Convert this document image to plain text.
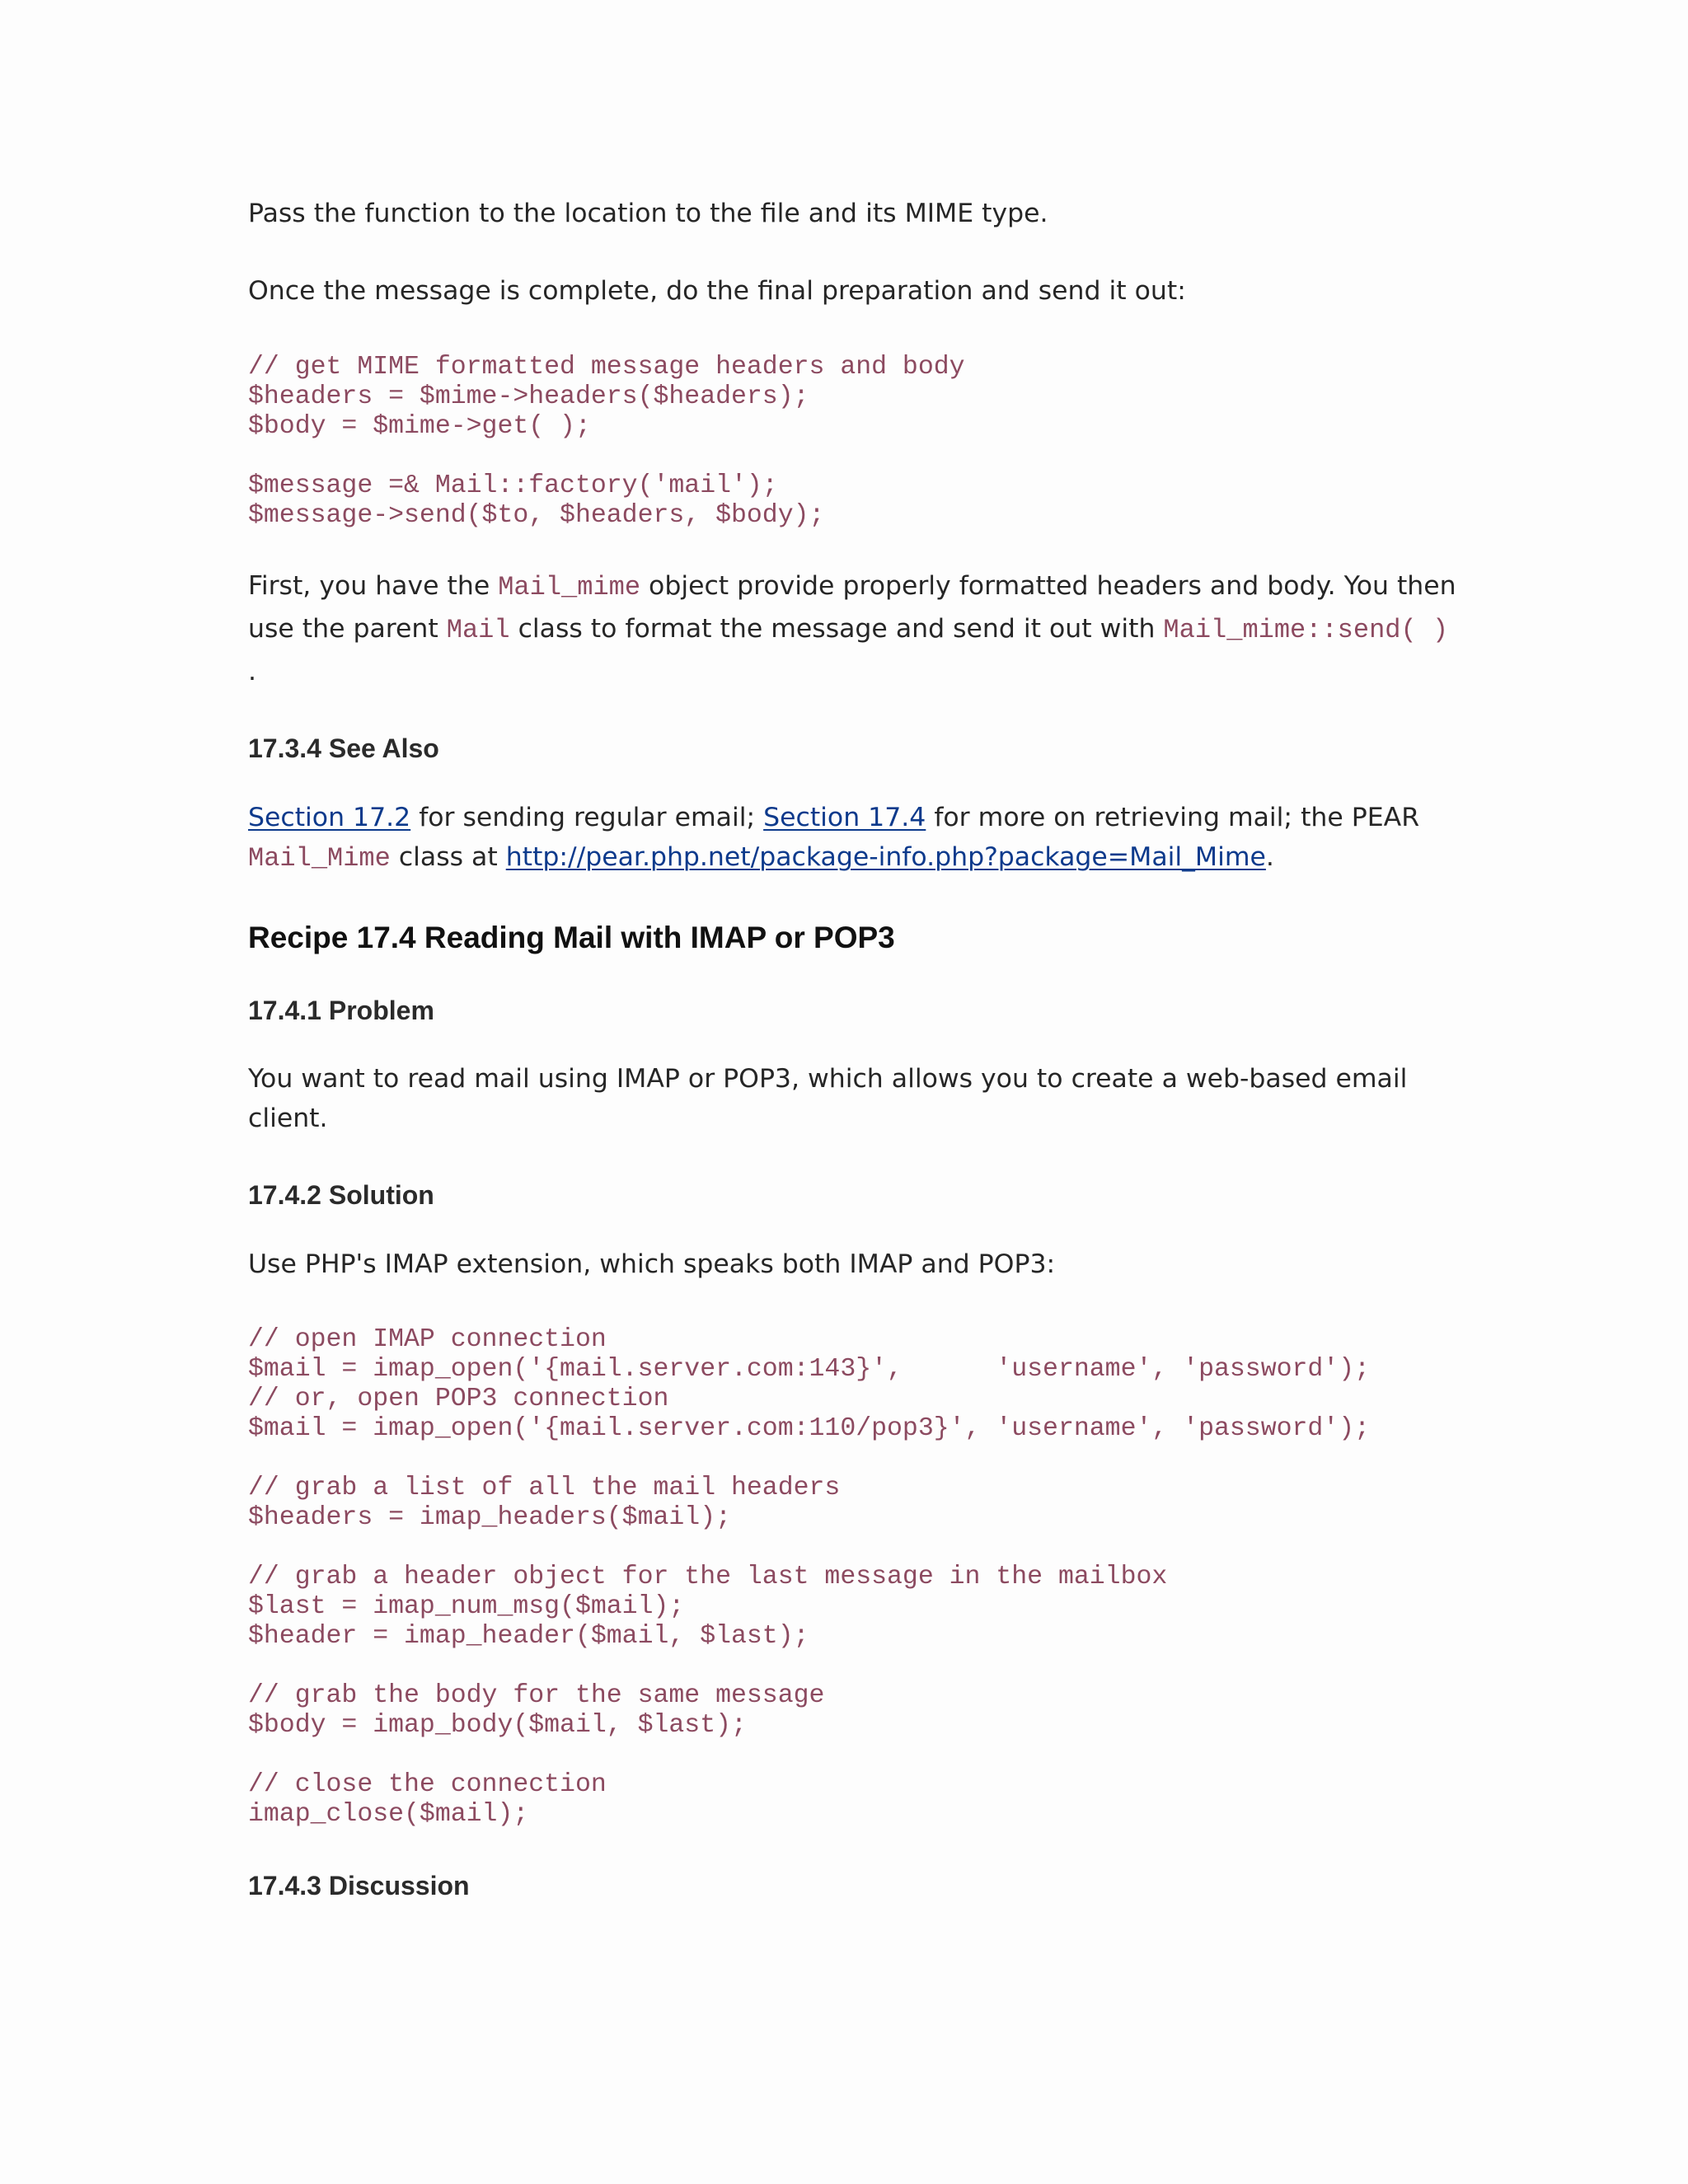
Pass the function to the location to the file and its MIME type.

Once the message is complete, do the final preparation and send it out:

// get MIME formatted message headers and body
$headers = $mime->headers($headers);
$body = $mime->get( );

$message =& Mail::factory('mail');
$message->send($to, $headers, $body);

First, you have the Mail_mime object provide properly formatted headers and body. You then

use the parent Mail class to format the message and send it out with Mail_mime::send( )

.

17.3.4 See Also

Section 17.2 for sending regular email; Section 17.4 for more on retrieving mail; the PEAR

Mail_Mime class at http://pear.php.net/package-info.php?package=Mail_Mime.

Recipe 17.4 Reading Mail with IMAP or POP3
17.4.1 Problem

You want to read mail using IMAP or POP3, which allows you to create a web-based email

client.

17.4.2 Solution

Use PHP's IMAP extension, which speaks both IMAP and POP3:

// open IMAP connection
$mail = imap_open('{mail.server.com:143}',      'username', 'password');
// or, open POP3 connection
$mail = imap_open('{mail.server.com:110/pop3}', 'username', 'password');

// grab a list of all the mail headers
$headers = imap_headers($mail);

// grab a header object for the last message in the mailbox
$last = imap_num_msg($mail);
$header = imap_header($mail, $last);

// grab the body for the same message
$body = imap_body($mail, $last);

// close the connection
imap_close($mail);
17.4.3 Discussion
